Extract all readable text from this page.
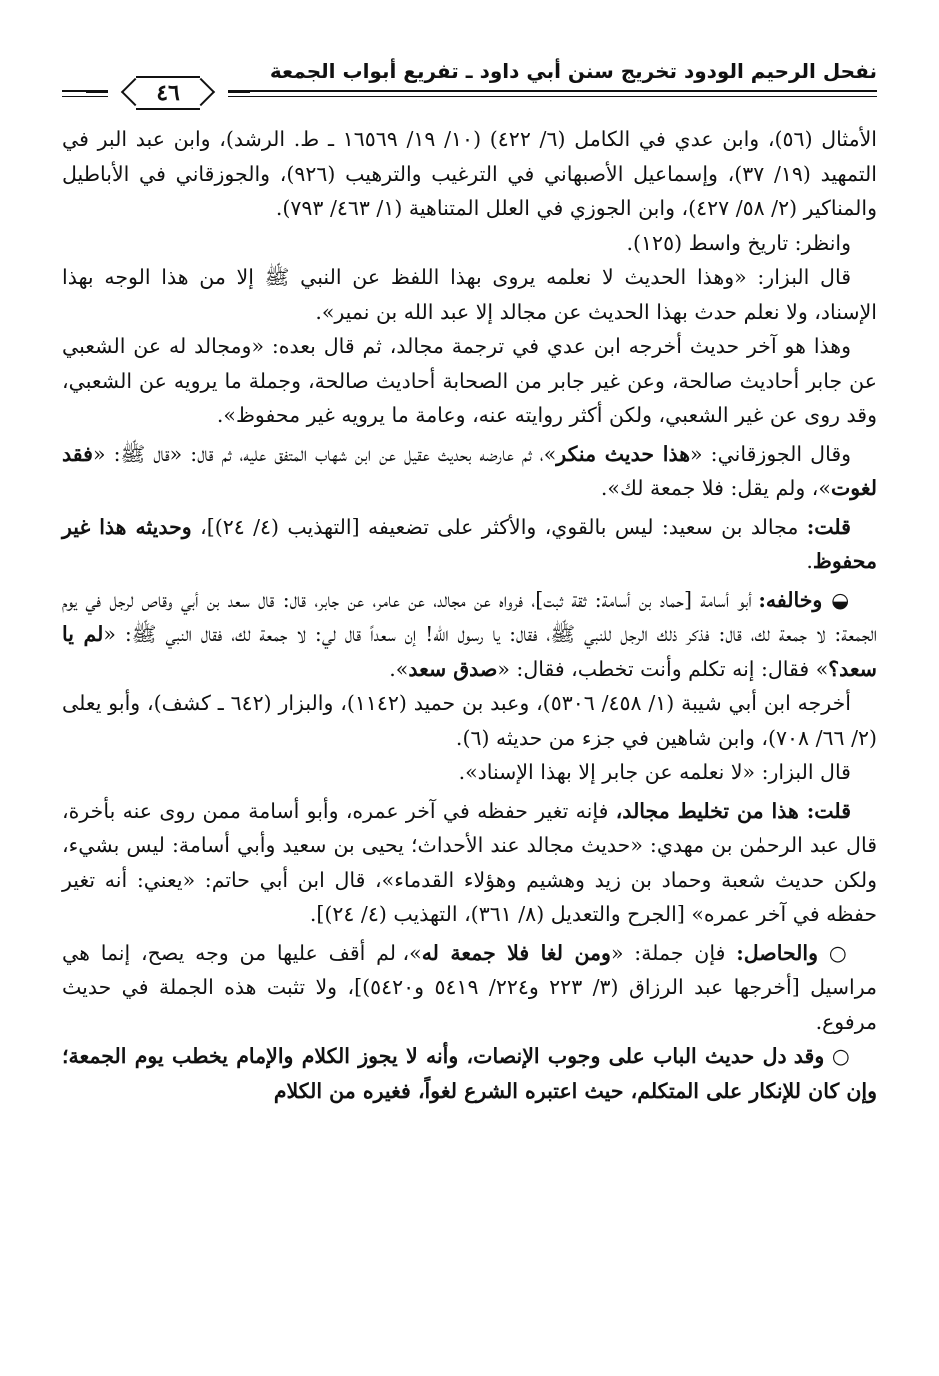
نفحل الرحيم الودود تخريج سنن أبي داود ـ تفريع أبواب الجمعة
٤٦

الأمثال (٥٦)، وابن عدي في الكامل (٦/ ٤٢٢) (١٠/ ١٩/ ١٦٥٦٩ ـ ط. الرشد)، وابن عبد البر في التمهيد (١٩/ ٣٧)، وإسماعيل الأصبهاني في الترغيب والترهيب (٩٢٦)، والجوزقاني في الأباطيل والمناكير (٢/ ٥٨/ ٤٢٧)، وابن الجوزي في العلل المتناهية (١/ ٤٦٣/ ٧٩٣).

وانظر: تاريخ واسط (١٢٥).

قال البزار: «وهذا الحديث لا نعلمه يروى بهذا اللفظ عن النبي ﷺ إلا من هذا الوجه بهذا الإسناد، ولا نعلم حدث بهذا الحديث عن مجالد إلا عبد الله بن نمير».

وهذا هو آخر حديث أخرجه ابن عدي في ترجمة مجالد، ثم قال بعده: «ومجالد له عن الشعبي عن جابر أحاديث صالحة، وعن غير جابر من الصحابة أحاديث صالحة، وجملة ما يرويه عن الشعبي، وقد روى عن غير الشعبي، ولكن أكثر روايته عنه، وعامة ما يرويه غير محفوظ».

وقال الجوزقاني: «هذا حديث منكر»، ثم عارضه بحديث عقيل عن ابن شهاب المتفق عليه، ثم قال: «قال ﷺ: «فقد لغوت»، ولم يقل: فلا جمعة لك».

قلت: مجالد بن سعيد: ليس بالقوي، والأكثر على تضعيفه [التهذيب (٤/ ٢٤)]، وحديثه هذا غير محفوظ.

◒ وخالفه: أبو أسامة [حماد بن أسامة: ثقة ثبت]، فرواه عن مجالد، عن عامر، عن جابر، قال: قال سعد بن أبي وقاص لرجل في يوم الجمعة: لا جمعة لك، قال: فذكر ذلك الرجل للنبي ﷺ، فقال: يا رسول الله! إن سعداً قال لي: لا جمعة لك، فقال النبي ﷺ: «لم يا سعد؟» فقال: إنه تكلم وأنت تخطب، فقال: «صدق سعد».

أخرجه ابن أبي شيبة (١/ ٤٥٨/ ٥٣٠٦)، وعبد بن حميد (١١٤٢)، والبزار (٦٤٢ ـ كشف)، وأبو يعلى (٢/ ٦٦/ ٧٠٨)، وابن شاهين في جزء من حديثه (٦).

قال البزار: «لا نعلمه عن جابر إلا بهذا الإسناد».

قلت: هذا من تخليط مجالد، فإنه تغير حفظه في آخر عمره، وأبو أسامة ممن روى عنه بأخرة، قال عبد الرحمٰن بن مهدي: «حديث مجالد عند الأحداث؛ يحيى بن سعيد وأبي أسامة: ليس بشيء، ولكن حديث شعبة وحماد بن زيد وهشيم وهؤلاء القدماء»، قال ابن أبي حاتم: «يعني: أنه تغير حفظه في آخر عمره» [الجرح والتعديل (٨/ ٣٦١)، التهذيب (٤/ ٢٤)].

○ والحاصل: فإن جملة: «ومن لغا فلا جمعة له»، لم أقف عليها من وجه يصح، إنما هي مراسيل [أخرجها عبد الرزاق (٣/ ٢٢٣ و٢٢٤/ ٥٤١٩ و٥٤٢٠)]، ولا تثبت هذه الجملة في حديث مرفوع.

○ وقد دل حديث الباب على وجوب الإنصات، وأنه لا يجوز الكلام والإمام يخطب يوم الجمعة؛ وإن كان للإنكار على المتكلم، حيث اعتبره الشرع لغواً، فغيره من الكلام
